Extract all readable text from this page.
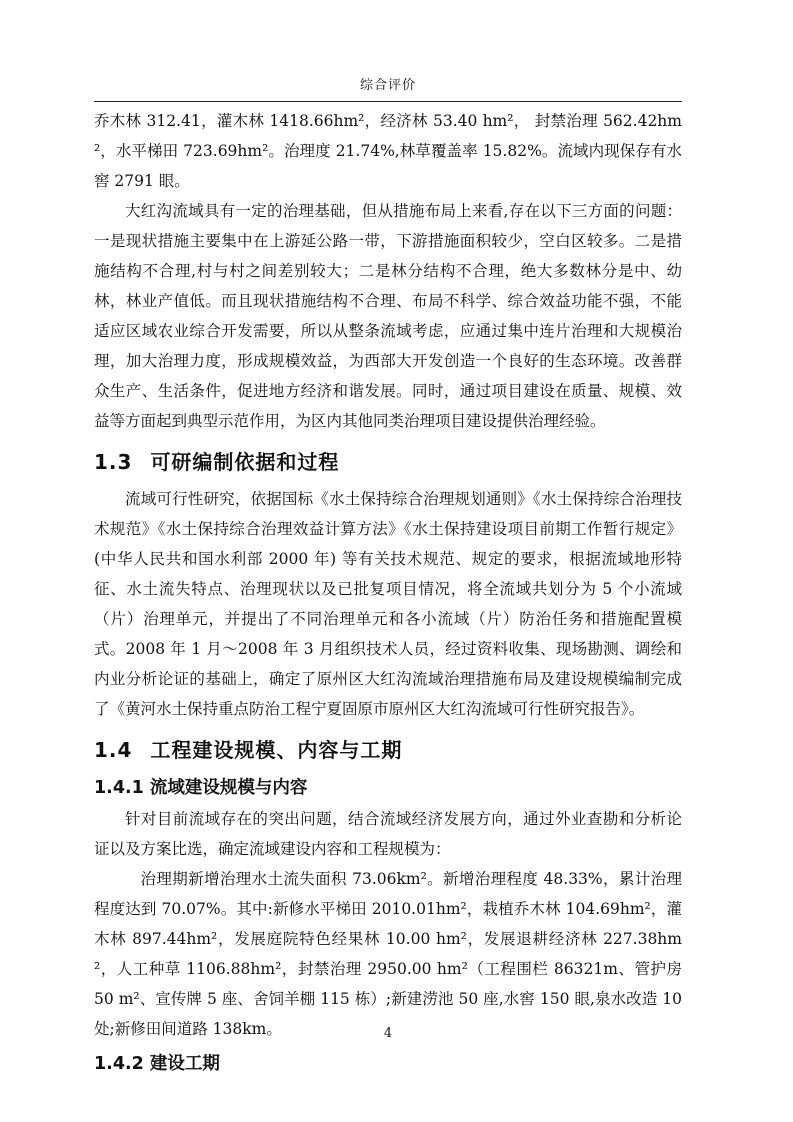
综合评价

乔木林 312.41，灌木林 1418.66hm²，经济林 53.40 hm²， 封禁治理 562.42hm²，水平梯田 723.69hm²。治理度 21.74%,林草覆盖率 15.82%。流域内现保存有水窖 2791 眼。

大红沟流域具有一定的治理基础，但从措施布局上来看,存在以下三方面的问题：一是现状措施主要集中在上游延公路一带，下游措施面积较少，空白区较多。二是措施结构不合理,村与村之间差别较大；二是林分结构不合理，绝大多数林分是中、幼林，林业产值低。而且现状措施结构不合理、布局不科学、综合效益功能不强，不能适应区域农业综合开发需要，所以从整条流域考虑，应通过集中连片治理和大规模治理，加大治理力度，形成规模效益，为西部大开发创造一个良好的生态环境。改善群众生产、生活条件，促进地方经济和谐发展。同时，通过项目建设在质量、规模、效益等方面起到典型示范作用，为区内其他同类治理项目建设提供治理经验。

1.3 可研编制依据和过程

流域可行性研究，依据国标《水土保持综合治理规划通则》《水土保持综合治理技术规范》《水土保持综合治理效益计算方法》《水土保持建设项目前期工作暂行规定》(中华人民共和国水利部 2000 年) 等有关技术规范、规定的要求，根据流域地形特征、水土流失特点、治理现状以及已批复项目情况，将全流域共划分为 5 个小流域（片）治理单元，并提出了不同治理单元和各小流域（片）防治任务和措施配置模式。2008 年 1 月～2008 年 3 月组织技术人员，经过资料收集、现场勘测、调绘和内业分析论证的基础上，确定了原州区大红沟流域治理措施布局及建设规模编制完成了《黄河水土保持重点防治工程宁夏固原市原州区大红沟流域可行性研究报告》。

1.4 工程建设规模、内容与工期
1.4.1 流域建设规模与内容

针对目前流域存在的突出问题，结合流域经济发展方向，通过外业查勘和分析论证以及方案比选，确定流域建设内容和工程规模为：

治理期新增治理水土流失面积 73.06km²。新增治理程度 48.33%，累计治理程度达到 70.07%。其中:新修水平梯田 2010.01hm²，栽植乔木林 104.69hm²，灌木林 897.44hm²，发展庭院特色经果林 10.00 hm²，发展退耕经济林 227.38hm²，人工种草 1106.88hm²，封禁治理 2950.00 hm²（工程围栏 86321m、管护房 50 m²、宣传牌 5 座、舍饲羊棚 115 栋）;新建涝池 50 座,水窖 150 眼,泉水改造 10 处;新修田间道路 138km。

1.4.2 建设工期
4
